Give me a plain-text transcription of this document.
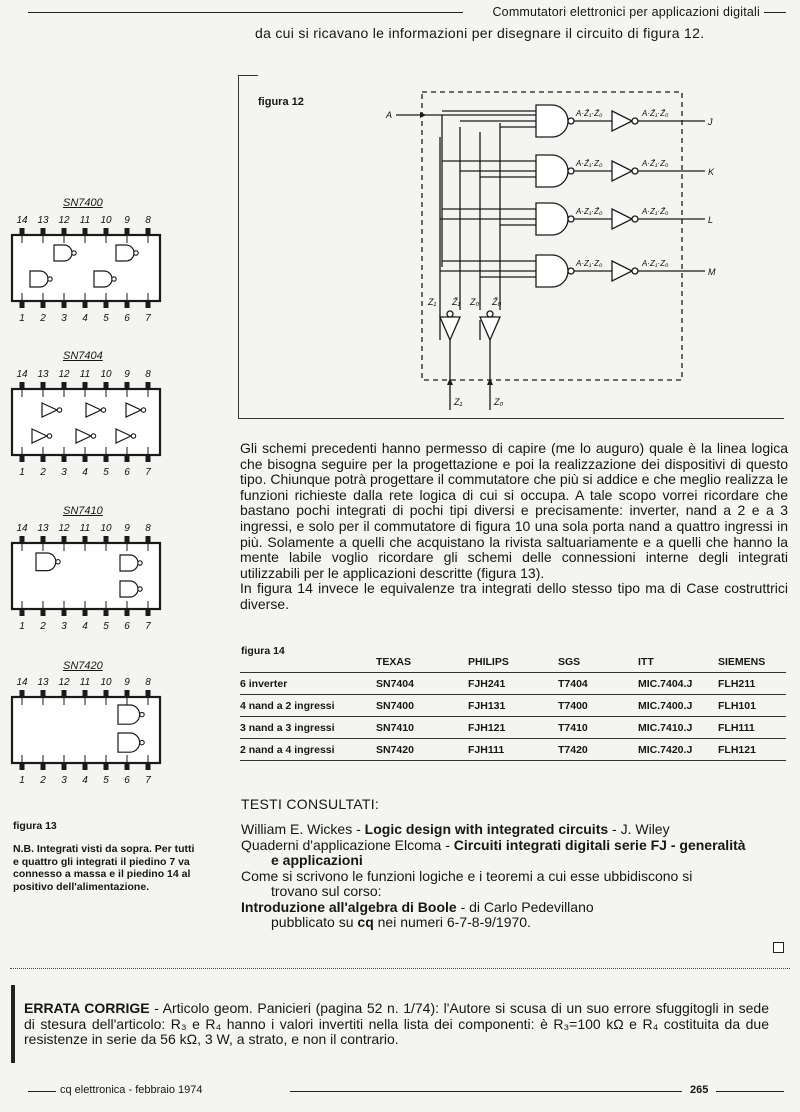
Commutatori elettronici per applicazioni digitali
da cui si ricavano le informazioni per disegnare il circuito di figura 12.
figura 12
A·Z̄₁·Z̄₀	A·Z̄₁·Z̄₀
J
A·Z̄₁·Z₀	A·Z̄₁·Z₀
K
A·Z₁·Z̄₀	A·Z₁·Z̄₀
L
A·Z₁·Z₀	A·Z₁·Z₀
M
Z₁ Z̄₁ Z₀ Z̄₀
Z₁	Z₀
A
SN7400
SN7404
SN7410
SN7420
14
1
13
2
12
3
11
4
10
5
9
6
8
7
14
1
13
2
12
3
11
4
10
5
9
6
8
7
14
1
13
2
12
3
11
4
10
5
9
6
8
7
14
1
13
2
12
3
11
4
10
5
9
6
8
7

Gli schemi precedenti hanno permesso di capire (me lo auguro) quale è la linea logica che bisogna seguire per la progettazione e poi la realizzazione dei dispositivi di questo tipo. Chiunque potrà progettare il commutatore che più si addice e che meglio realizza le funzioni richieste dalla rete logica di cui si occupa. A tale scopo vorrei ricordare che bastano pochi integrati di pochi tipi diversi e precisamente: inverter, nand a 2 e a 3 ingressi, e solo per il commutatore di figura 10 una sola porta nand a quattro ingressi in più. Solamente a quelli che acquistano la rivista saltuariamente e a quelli che hanno la mente labile voglio ricordare gli schemi delle connessioni interne degli integrati utilizzabili per le applicazioni descritte (figura 13).

In figura 14 invece le equivalenze tra integrati dello stesso tipo ma di Case costruttrici diverse.

figura 14
	TEXAS	PHILIPS	SGS	ITT	SIEMENS
6 inverter	SN7404	FJH241	T7404	MIC.7404.J	FLH211
4 nand a 2 ingressi	SN7400	FJH131	T7400	MIC.7400.J	FLH101
3 nand a 3 ingressi	SN7410	FJH121	T7410	MIC.7410.J	FLH111
2 nand a 4 ingressi	SN7420	FJH111	T7420	MIC.7420.J	FLH121
TESTI CONSULTATI:
William E. Wickes - Logic design with integrated circuits - J. Wiley
Quaderni d'applicazione Elcoma - Circuiti integrati digitali serie FJ - generalità
e applicazioni
Come si scrivono le funzioni logiche e i teoremi a cui esse ubbidiscono si
trovano sul corso:
Introduzione all'algebra di Boole - di Carlo Pedevillano
pubblicato su cq nei numeri 6-7-8-9/1970.
figura 13
N.B. Integrati visti da sopra. Per tutti e quattro gli integrati il piedino 7 va connesso a massa e il piedino 14 al positivo dell'alimentazione.
ERRATA CORRIGE - Articolo geom. Panicieri (pagina 52 n. 1/74): l'Autore si scusa di un suo errore sfuggitogli in sede di stesura dell'articolo: R₃ e R₄ hanno i valori invertiti nella lista dei componenti: è R₃=100 kΩ e R₄ costituita da due resistenze in serie da 56 kΩ, 3 W, a strato, e non il contrario.
cq elettronica - febbraio 1974	265
